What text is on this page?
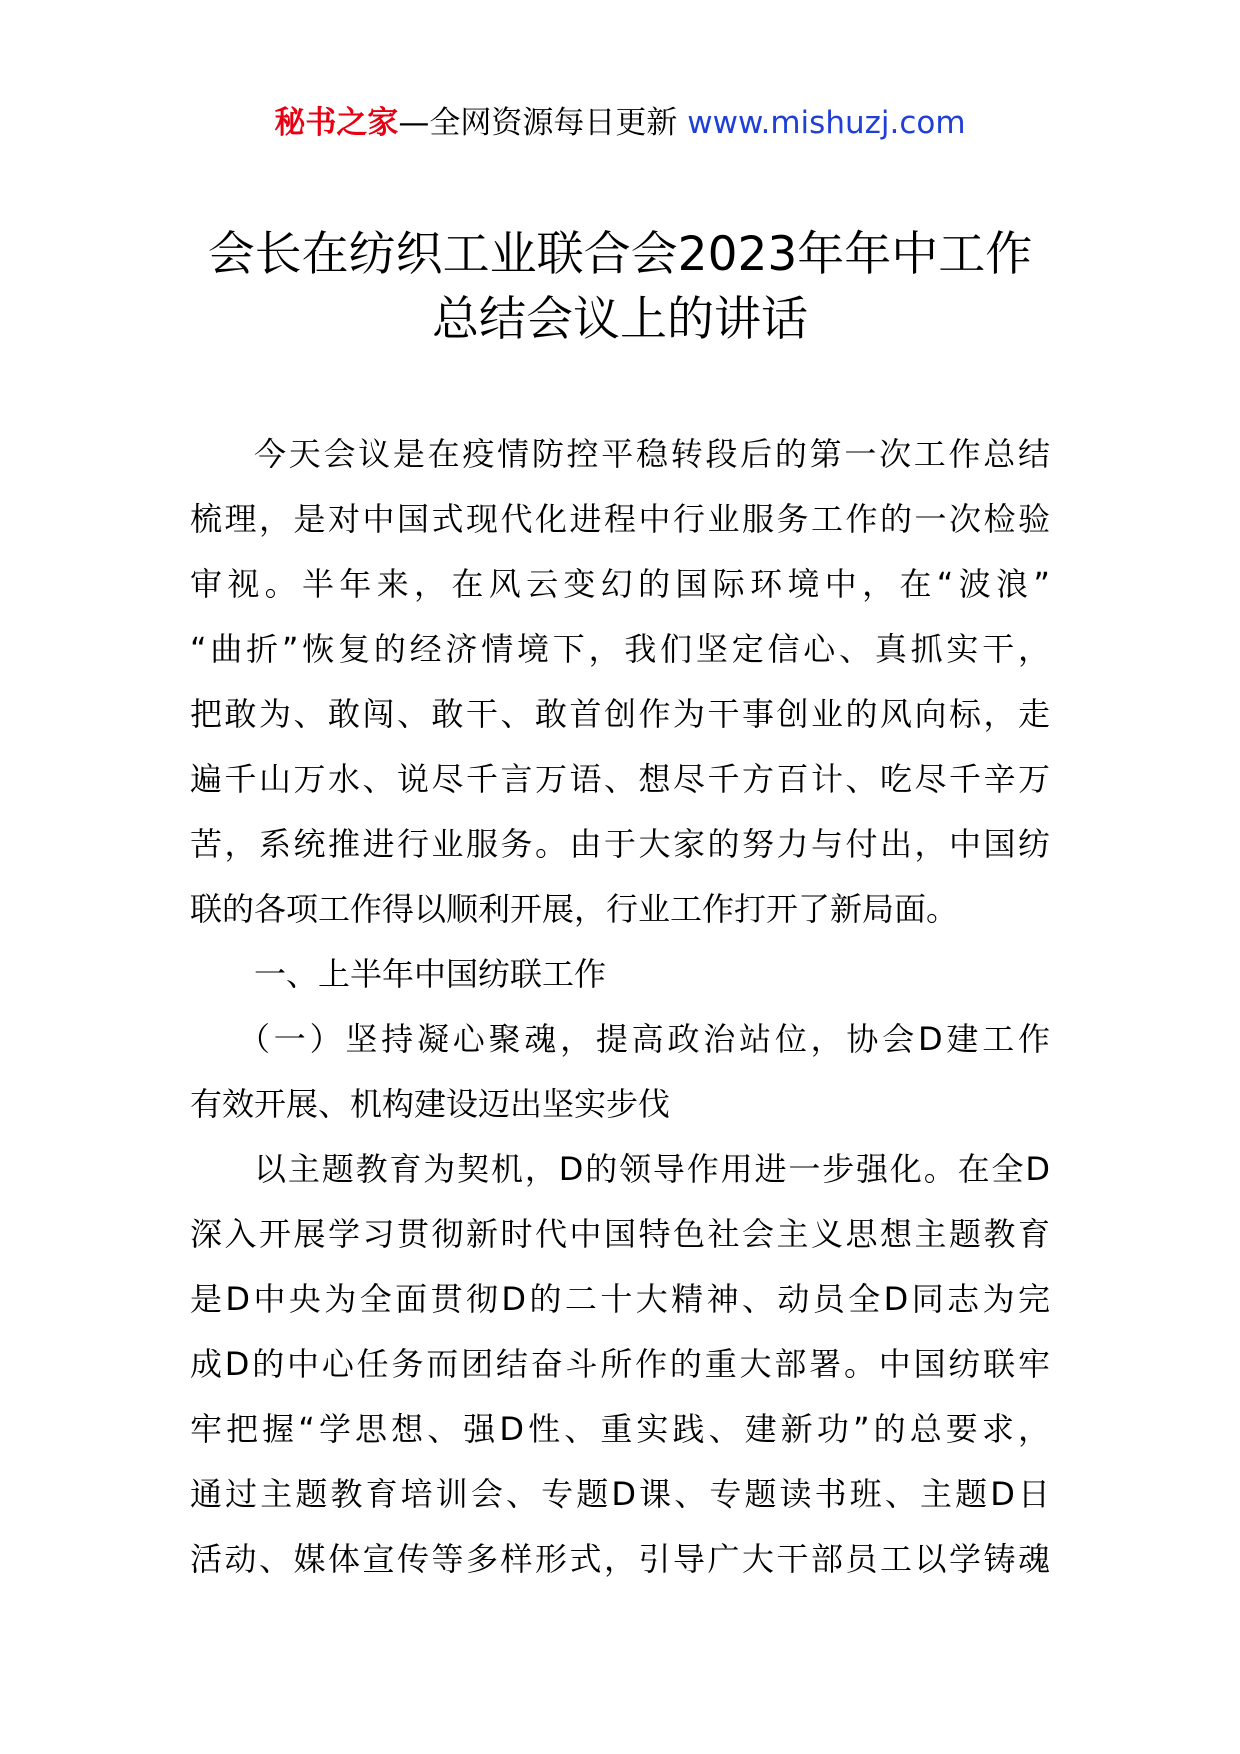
秘书之家—全网资源每日更新 www.mishuzj.com
会长在纺织工业联合会2023年年中工作
总结会议上的讲话
今天会议是在疫情防控平稳转段后的第一次工作总结
梳理，是对中国式现代化进程中行业服务工作的一次检验
审视。半年来，在风云变幻的国际环境中，在“波浪”
“曲折”恢复的经济情境下，我们坚定信心、真抓实干，
把敢为、敢闯、敢干、敢首创作为干事创业的风向标，走
遍千山万水、说尽千言万语、想尽千方百计、吃尽千辛万
苦，系统推进行业服务。由于大家的努力与付出，中国纺
联的各项工作得以顺利开展，行业工作打开了新局面。
一、上半年中国纺联工作
（一）坚持凝心聚魂，提高政治站位，协会D建工作
有效开展、机构建设迈出坚实步伐
以主题教育为契机，D的领导作用进一步强化。在全D
深入开展学习贯彻新时代中国特色社会主义思想主题教育
是D中央为全面贯彻D的二十大精神、动员全D同志为完
成D的中心任务而团结奋斗所作的重大部署。中国纺联牢
牢把握“学思想、强D性、重实践、建新功”的总要求，
通过主题教育培训会、专题D课、专题读书班、主题D日
活动、媒体宣传等多样形式，引导广大干部员工以学铸魂
